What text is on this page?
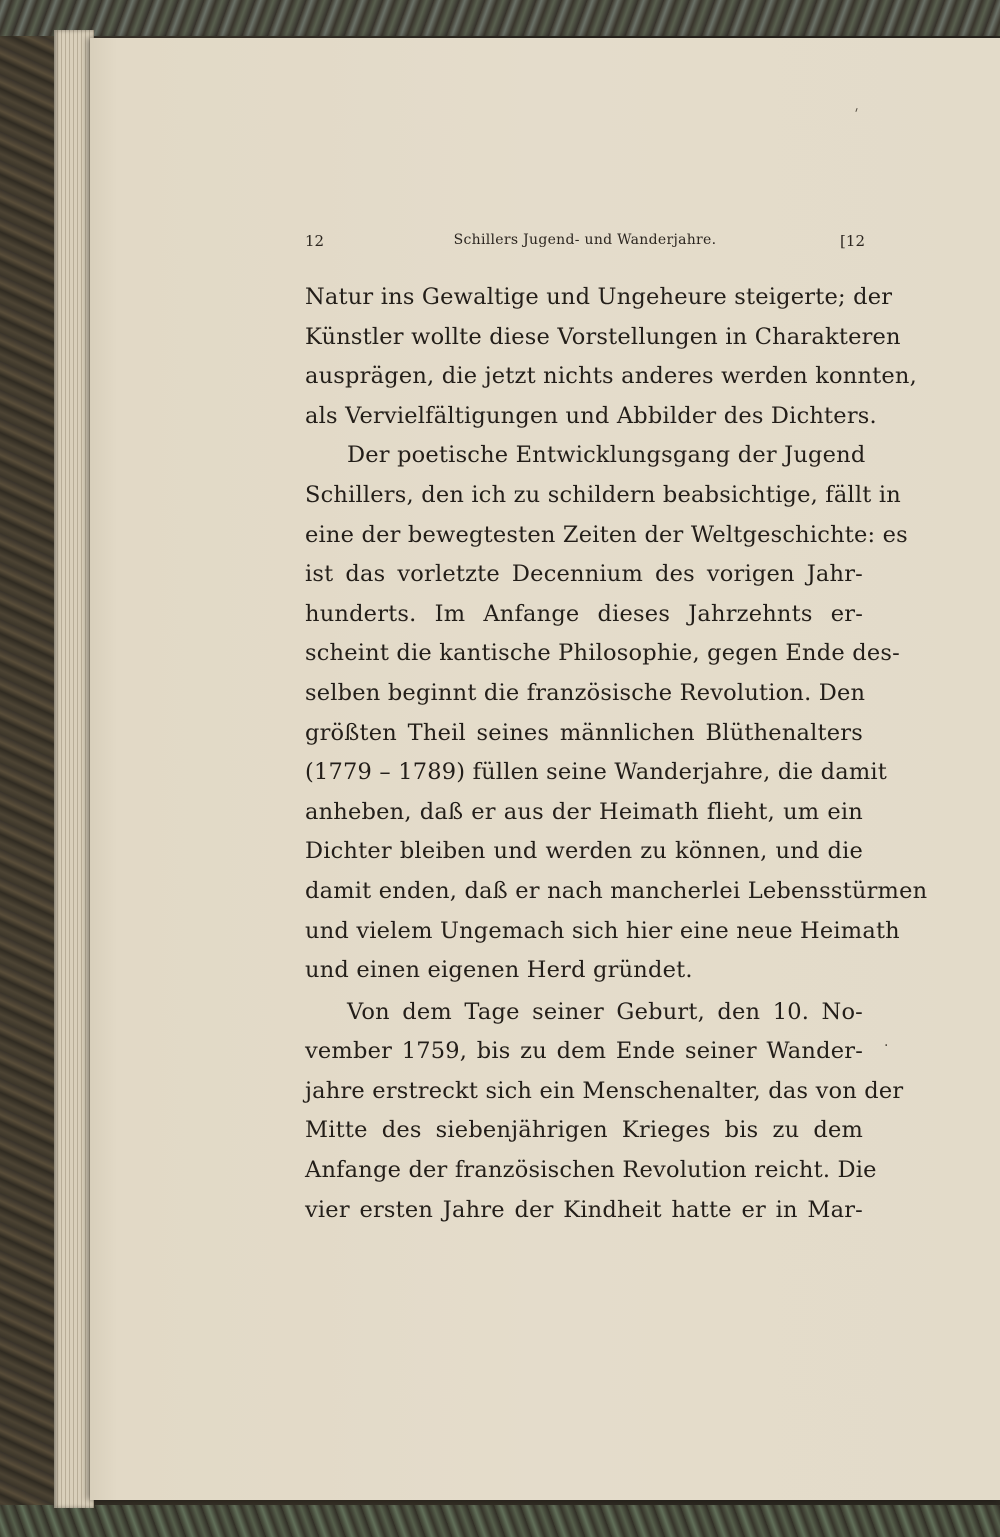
12	Schillers Jugend- und Wanderjahre.	[12
Natur ins Gewaltige und Ungeheure steigerte; der
Künstler wollte diese Vorstellungen in Charakteren
ausprägen, die jetzt nichts anderes werden konnten,
als Vervielfältigungen und Abbilder des Dichters.
Der poetische Entwicklungsgang der Jugend
Schillers, den ich zu schildern beabsichtige, fällt in
eine der bewegtesten Zeiten der Weltgeschichte: es
ist das vorletzte Decennium des vorigen Jahr-
hunderts. Im Anfange dieses Jahrzehnts er-
scheint die kantische Philosophie, gegen Ende des-
selben beginnt die französische Revolution. Den
größten Theil seines männlichen Blüthenalters
(1779 – 1789) füllen seine Wanderjahre, die damit
anheben, daß er aus der Heimath flieht, um ein
Dichter bleiben und werden zu können, und die
damit enden, daß er nach mancherlei Lebensstürmen
und vielem Ungemach sich hier eine neue Heimath
und einen eigenen Herd gründet.
Von dem Tage seiner Geburt, den 10. No-
vember 1759, bis zu dem Ende seiner Wander-
jahre erstreckt sich ein Menschenalter, das von der
Mitte des siebenjährigen Krieges bis zu dem
Anfange der französischen Revolution reicht. Die
vier ersten Jahre der Kindheit hatte er in Mar-
·
ˌ
